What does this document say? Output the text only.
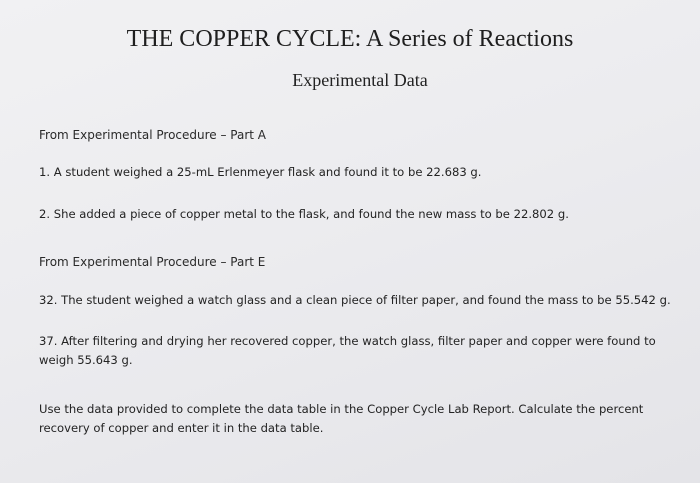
THE COPPER CYCLE: A Series of Reactions
Experimental Data

From Experimental Procedure – Part A

1. A student weighed a 25-mL Erlenmeyer flask and found it to be 22.683 g.

2. She added a piece of copper metal to the flask, and found the new mass to be 22.802 g.

From Experimental Procedure – Part E

32. The student weighed a watch glass and a clean piece of filter paper, and found the mass to be 55.542 g.

37. After filtering and drying her recovered copper, the watch glass, filter paper and copper were found to weigh 55.643 g.

Use the data provided to complete the data table in the Copper Cycle Lab Report. Calculate the percent recovery of copper and enter it in the data table.
